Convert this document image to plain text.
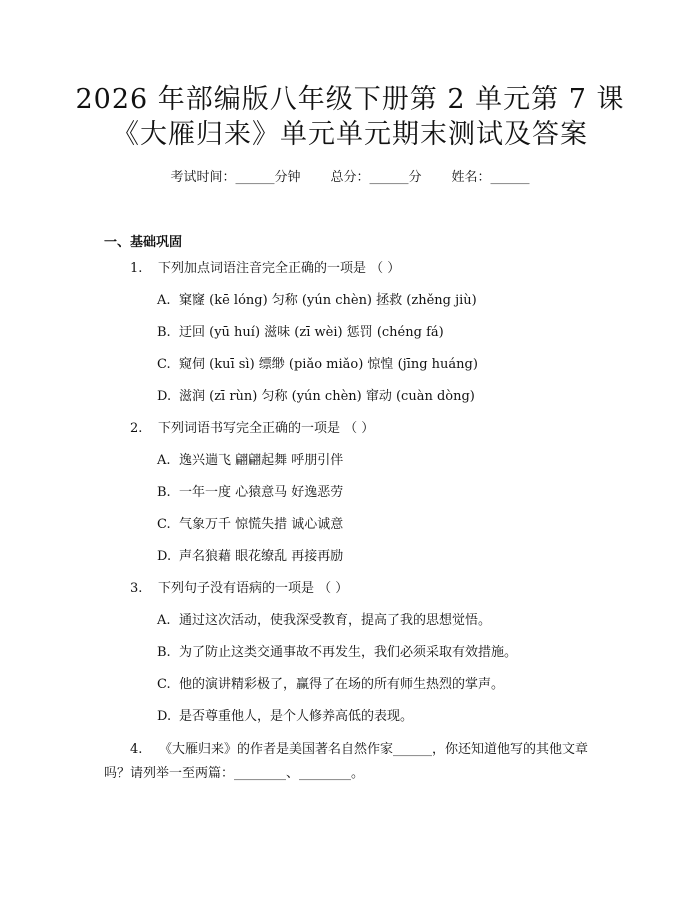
2026 年部编版八年级下册第 2 单元第 7 课
《大雁归来》单元单元期末测试及答案
考试时间：______分钟 总分：______分 姓名：______
一、基础巩固
1. 下列加点词语注音完全正确的一项是 （ ）
A. 窠窿 (kē lóng) 匀称 (yún chèn) 拯救 (zhěng jiù)
B. 迂回 (yū huí) 滋味 (zī wèi) 惩罚 (chéng fá)
C. 窥伺 (kuī sì) 缥缈 (piǎo miǎo) 惊惶 (jīng huáng)
D. 滋润 (zī rùn) 匀称 (yún chèn) 窜动 (cuàn dòng)
2. 下列词语书写完全正确的一项是 （ ）
A. 逸兴遄飞 翩翩起舞 呼朋引伴
B. 一年一度 心猿意马 好逸恶劳
C. 气象万千 惊慌失措 诚心诚意
D. 声名狼藉 眼花缭乱 再接再励
3. 下列句子没有语病的一项是 （ ）
A. 通过这次活动，使我深受教育，提高了我的思想觉悟。
B. 为了防止这类交通事故不再发生，我们必须采取有效措施。
C. 他的演讲精彩极了，赢得了在场的所有师生热烈的掌声。
D. 是否尊重他人，是个人修养高低的表现。
4. 《大雁归来》的作者是美国著名自然作家______，你还知道他写的其他文章吗？请列举一至两篇：________、________。
